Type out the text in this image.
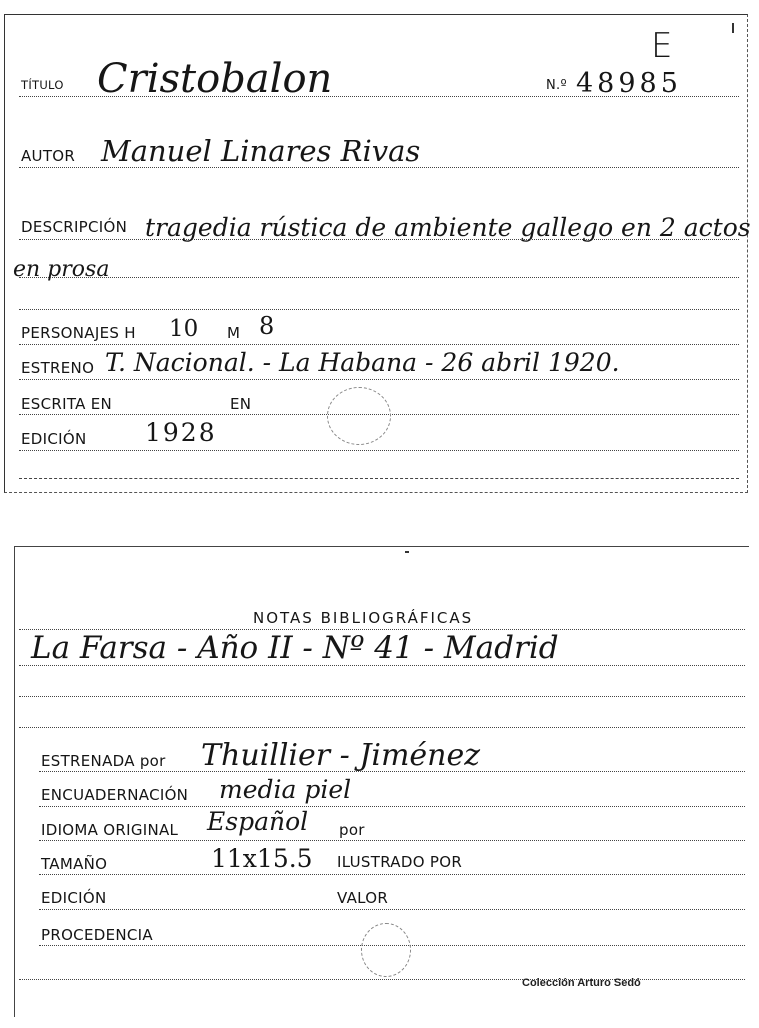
E
TÍTULO Cristobalon	N.º 48985
AUTOR Manuel Linares Rivas
DESCRIPCIÓN tragedia rústica de ambiente gallego en 2 actos
en prosa
PERSONAJES H 10 M 8
ESTRENO T. Nacional. - La Habana - 26 abril 1920.
ESCRITA EN	EN
EDICIÓN 1928
NOTAS BIBLIOGRÁFICAS
La Farsa - Año II - Nº 41 - Madrid
ESTRENADA por Thuillier - Jiménez
ENCUADERNACIÓN media piel
IDIOMA ORIGINAL Español por
TAMAÑO	11x15.5 ILUSTRADO POR
EDICIÓN	VALOR
PROCEDENCIA
Colección Arturo Sedó
